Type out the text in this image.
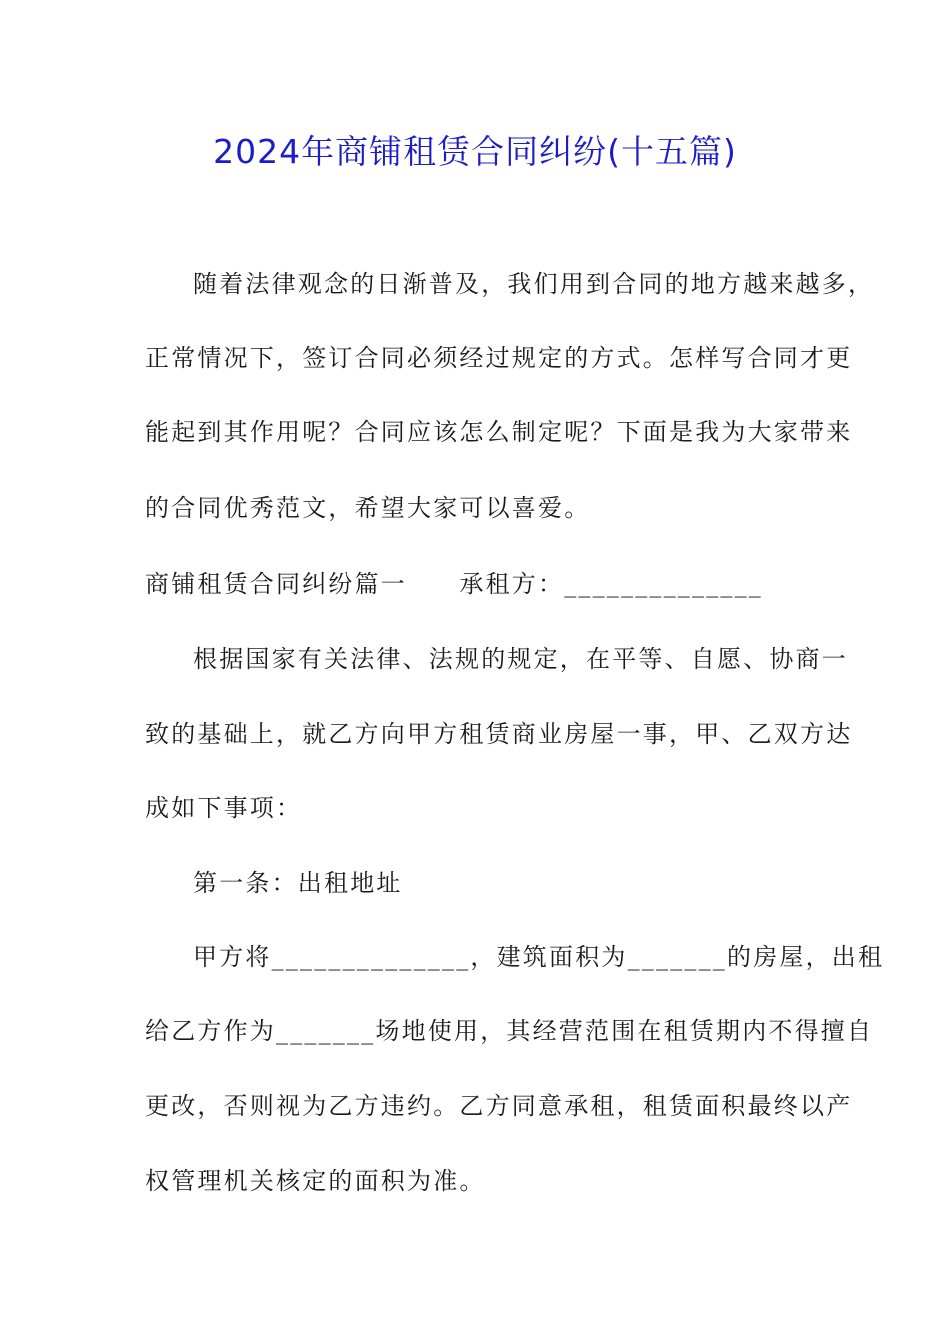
2024年商铺租赁合同纠纷(十五篇)
随着法律观念的日渐普及，我们用到合同的地方越来越多，
正常情况下，签订合同必须经过规定的方式。怎样写合同才更
能起到其作用呢？合同应该怎么制定呢？下面是我为大家带来
的合同优秀范文，希望大家可以喜爱。
商铺租赁合同纠纷篇一　　承租方：______________
根据国家有关法律、法规的规定，在平等、自愿、协商一
致的基础上，就乙方向甲方租赁商业房屋一事，甲、乙双方达
成如下事项：
第一条：出租地址
甲方将______________，建筑面积为_______的房屋，出租
给乙方作为_______场地使用，其经营范围在租赁期内不得擅自
更改，否则视为乙方违约。乙方同意承租，租赁面积最终以产
权管理机关核定的面积为准。
